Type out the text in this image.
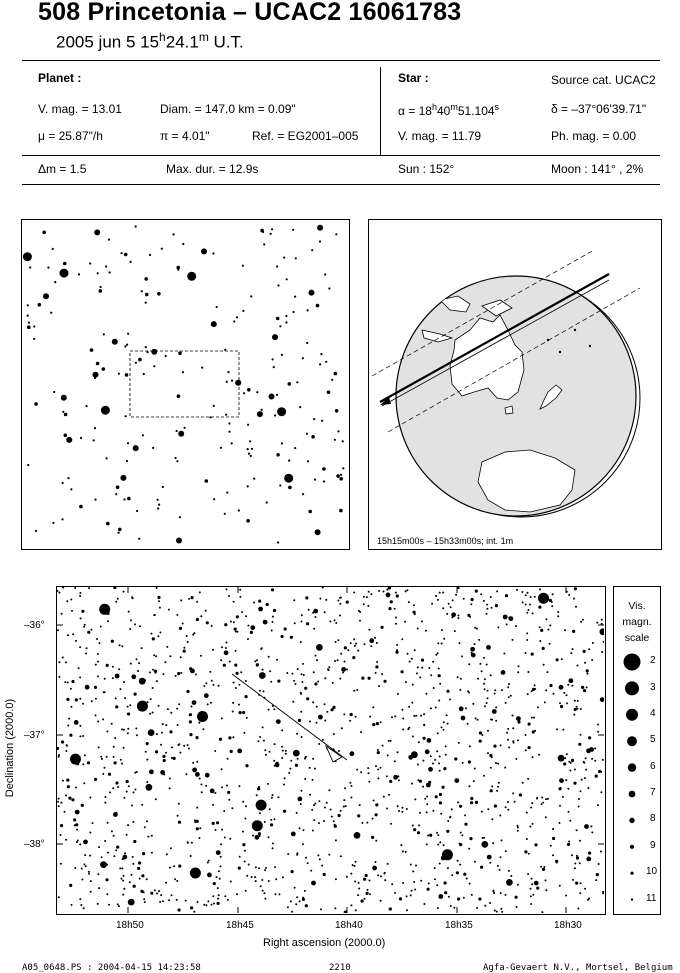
508 Princetonia – UCAC2 16061783
2005 jun 5 15$^h$24.1$^m$ U.T.
Planet :
V. mag. = 13.01	Diam. = 147.0 km = 0.09"
μ = 25.87"/h	π = 4.01"	Ref. = EG2001–005
Δm = 1.5	Max. dur. = 12.9s
Star :	Source cat. UCAC2
$\alpha = 18^h40^m51.104^s$	δ = –37°06'39.71"
V. mag. = 11.79	Ph. mag. = 0.00
Sun : 152°	Moon : 141° , 2%
15h15m00s – 15h33m00s; int. 1m
18h50	18h45	18h40	18h35	18h30
–36°
–37°
–38°
Right ascension (2000.0)
Declination (2000.0)
Vis.
magn.
scale
2
3
4
5
6
7
8
9
10
11
A05_0648.PS : 2004-04-15 14:23:58	2210	Agfa-Gevaert N.V., Mortsel, Belgium
